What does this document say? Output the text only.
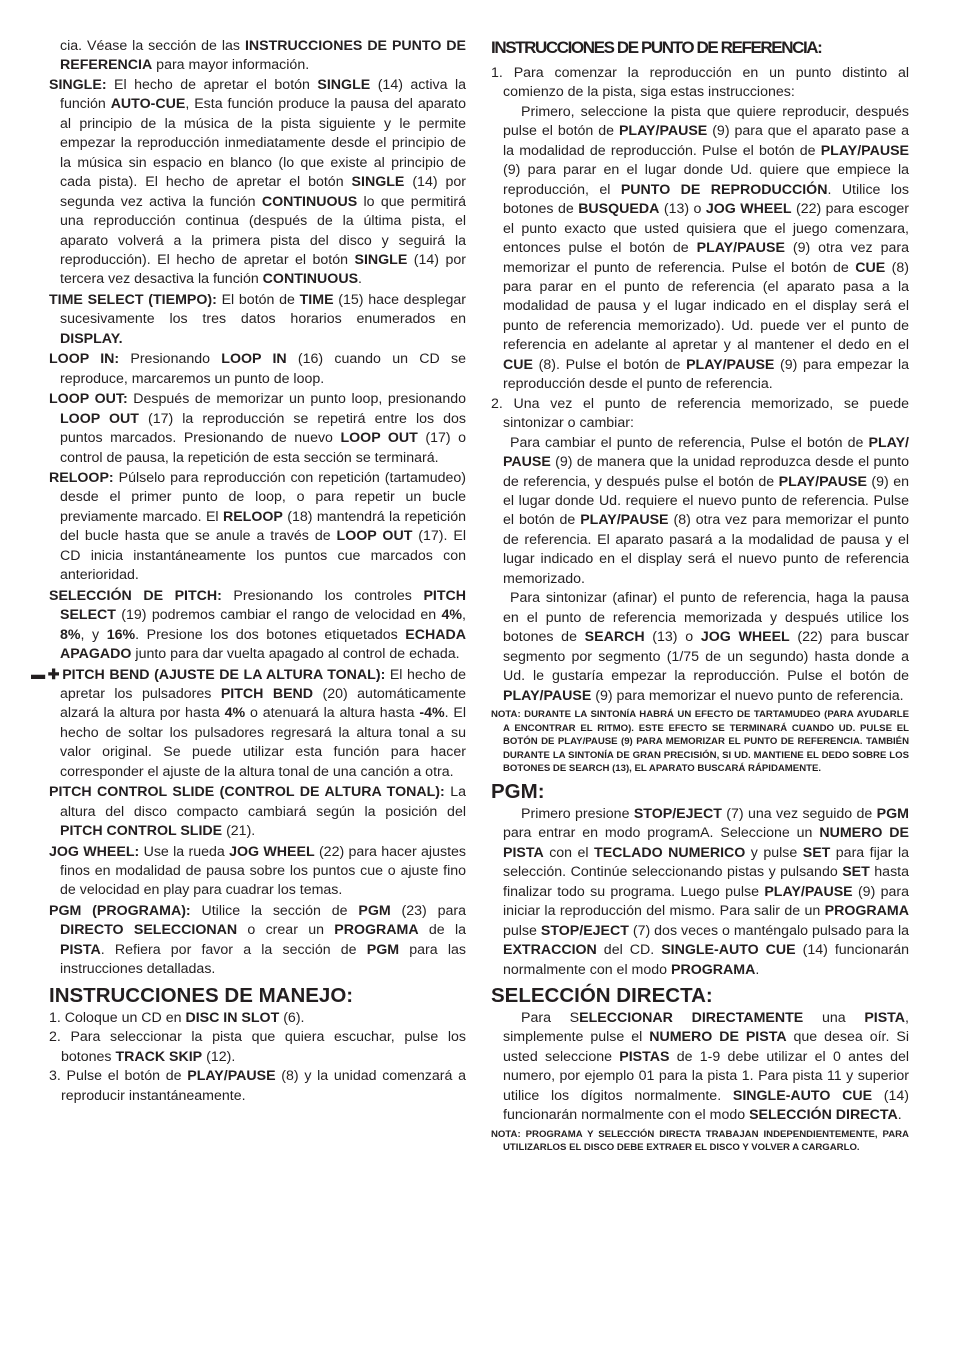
cia. Véase la sección de las INSTRUCCIONES DE PUNTO DE REFERENCIA para mayor información.

SINGLE: El hecho de apretar el botón SINGLE (14) activa la función AUTO-CUE, Esta función produce la pausa del aparato al principio de la música de la pista siguiente y le permite empezar la reproducción inmediatamente desde el principio de la música sin espacio en blanco (lo que existe al principio de cada pista). El hecho de apretar el botón SINGLE (14) por segunda vez activa la función CONTINUOUS lo que permitirá una reproducción continua (después de la última pista, el aparato volverá a la primera pista del disco y seguirá la reproducción). El hecho de apretar el botón SINGLE (14) por tercera vez desactiva la función CONTINUOUS.

TIME SELECT (TIEMPO): El botón de TIME (15) hace desplegar sucesivamente los tres datos horarios enumerados en DISPLAY.

LOOP IN: Presionando LOOP IN (16) cuando un CD se reproduce, marcaremos un punto de loop.

LOOP OUT: Después de memorizar un punto loop, presionando LOOP OUT (17) la reproducción se repetirá entre los dos puntos marcados. Presionando de nuevo LOOP OUT (17) o control de pausa, la repetición de esta sección se terminará.

RELOOP: Púlselo para reproducción con repetición (tartamudeo) desde el primer punto de loop, o para repetir un bucle previamente marcado. El RELOOP (18) mantendrá la repetición del bucle hasta que se anule a través de LOOP OUT (17). El CD inicia instantáneamente los puntos cue marcados con anterioridad.

SELECCIÓN DE PITCH: Presionando los controles PITCH SELECT (19) podremos cambiar el rango de velocidad en 4%, 8%, y 16%. Presione los dos botones etiquetados ECHADA APAGADO junto para dar vuelta apagado al control de echada.

▬ ✚ PITCH BEND (AJUSTE DE LA ALTURA TONAL): El hecho de apretar los pulsadores PITCH BEND (20) automáticamente alzará la altura por hasta 4% o atenuará la altura hasta -4%. El hecho de soltar los pulsadores regresará la altura tonal a su valor original. Se puede utilizar esta función para hacer corresponder el ajuste de la altura tonal de una canción a otra.

PITCH CONTROL SLIDE (CONTROL DE ALTURA TONAL): La altura del disco compacto cambiará según la posición del PITCH CONTROL SLIDE (21).

JOG WHEEL: Use la rueda JOG WHEEL (22) para hacer ajustes finos en modalidad de pausa sobre los puntos cue o ajuste fino de velocidad en play para cuadrar los temas.

PGM (PROGRAMA): Utilice la sección de PGM (23) para DIRECTO SELECCIONAN o crear un PROGRAMA de la PISTA. Refiera por favor a la sección de PGM para las instrucciones detalladas.

INSTRUCCIONES DE MANEJO:

1. Coloque un CD en DISC IN SLOT (6).

2. Para seleccionar la pista que quiera escuchar, pulse los botones TRACK SKIP (12).

3. Pulse el botón de PLAY/PAUSE (8) y la unidad comenzará a reproducir instantáneamente.

INSTRUCCIONES DE PUNTO DE REFERENCIA:

1. Para comenzar la reproducción en un punto distinto al comienzo de la pista, siga estas instrucciones:

Primero, seleccione la pista que quiere reproducir, después pulse el botón de PLAY/PAUSE (9) para que el aparato pase a la modalidad de reproducción. Pulse el botón de PLAY/PAUSE (9) para parar en el lugar donde Ud. quiere que empiece la reproducción, el PUNTO DE REPRODUCCIÓN. Utilice los botones de BUSQUEDA (13) o JOG WHEEL (22) para escoger el punto exacto que usted quisiera que el juego comenzara, entonces pulse el botón de PLAY/PAUSE (9) otra vez para memorizar el punto de referencia. Pulse el botón de CUE (8) para parar en el punto de referencia (el aparato pasa a la modalidad de pausa y el lugar indicado en el display será el punto de referencia memorizado). Ud. puede ver el punto de referencia en adelante al apretar y al mantener el dedo en el CUE (8). Pulse el botón de PLAY/PAUSE (9) para empezar la reproducción desde el punto de referencia.

2. Una vez el punto de referencia memorizado, se puede sintonizar o cambiar:

Para cambiar el punto de referencia, Pulse el botón de PLAY/ PAUSE (9) de manera que la unidad reproduzca desde el punto de referencia, y después pulse el botón de PLAY/PAUSE (9) en el lugar donde Ud. requiere el nuevo punto de referencia. Pulse el botón de PLAY/PAUSE (8) otra vez para memorizar el punto de referencia. El aparato pasará a la modalidad de pausa y el lugar indicado en el display será el nuevo punto de referencia memorizado.

Para sintonizar (afinar) el punto de referencia, haga la pausa en el punto de referencia memorizada y después utilice los botones de SEARCH (13) o JOG WHEEL (22) para buscar segmento por segmento (1/75 de un segundo) hasta donde a Ud. le gustaría empezar la reproducción. Pulse el botón de PLAY/PAUSE (9) para memorizar el nuevo punto de referencia.

NOTA: DURANTE LA SINTONÍA HABRÁ UN EFECTO DE TARTAMUDEO (PARA AYUDARLE A ENCONTRAR EL RITMO). ESTE EFECTO SE TERMINARÁ CUANDO UD. PULSE EL BOTÓN DE PLAY/PAUSE (9) PARA MEMORIZAR EL PUNTO DE REFERENCIA. TAMBIÉN DURANTE LA SINTONÍA DE GRAN PRECISIÓN, SI UD. MANTIENE EL DEDO SOBRE LOS BOTONES DE SEARCH (13), EL APARATO BUSCARÁ RÁPIDAMENTE.

PGM:

Primero presione STOP/EJECT (7) una vez seguido de PGM para entrar en modo programA. Seleccione un NUMERO DE PISTA con el TECLADO NUMERICO y pulse SET para fijar la selección. Continúe seleccionando pistas y pulsando SET hasta finalizar todo su programa. Luego pulse PLAY/PAUSE (9) para iniciar la reproducción del mismo. Para salir de un PROGRAMA pulse STOP/EJECT (7) dos veces o manténgalo pulsado para la EXTRACCION del CD. SINGLE-AUTO CUE (14) funcionarán normalmente con el modo PROGRAMA.

SELECCIÓN DIRECTA:

Para SELECCIONAR DIRECTAMENTE una PISTA, simplemente pulse el NUMERO DE PISTA que desea oír. Si usted seleccione PISTAS de 1-9 debe utilizar el 0 antes del numero, por ejemplo 01 para la pista 1. Para pista 11 y superior utilice los dígitos normalmente. SINGLE-AUTO CUE (14) funcionarán normalmente con el modo SELECCIÓN DIRECTA.

NOTA: PROGRAMA Y SELECCIÓN DIRECTA TRABAJAN INDEPENDIENTEMENTE, PARA UTILIZARLOS EL DISCO DEBE EXTRAER EL DISCO Y VOLVER A CARGARLO.
